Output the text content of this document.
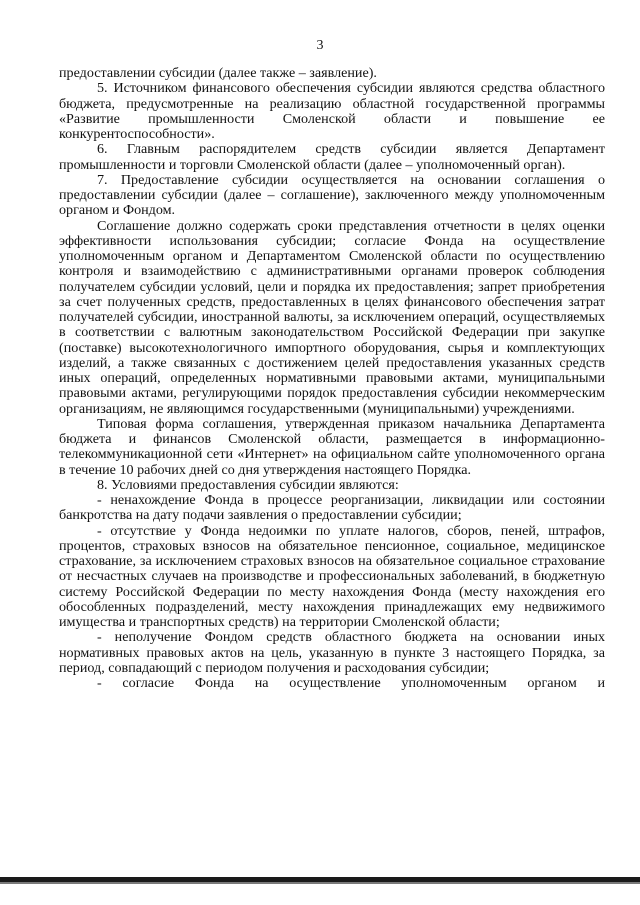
3

предоставлении субсидии (далее также – заявление).

5. Источником финансового обеспечения субсидии являются средства областного бюджета, предусмотренные на реализацию областной государственной программы «Развитие промышленности Смоленской области и повышение ее конкурентоспособности».

6. Главным распорядителем средств субсидии является Департамент промышленности и торговли Смоленской области (далее – уполномоченный орган).

7. Предоставление субсидии осуществляется на основании соглашения о предоставлении субсидии (далее – соглашение), заключенного между уполномоченным органом и Фондом.

Соглашение должно содержать сроки представления отчетности в целях оценки эффективности использования субсидии; согласие Фонда на осуществление уполномоченным органом и Департаментом Смоленской области по осуществлению контроля и взаимодействию с административными органами проверок соблюдения получателем субсидии условий, цели и порядка их предоставления; запрет приобретения за счет полученных средств, предоставленных в целях финансового обеспечения затрат получателей субсидии, иностранной валюты, за исключением операций, осуществляемых в соответствии с валютным законодательством Российской Федерации при закупке (поставке) высокотехнологичного импортного оборудования, сырья и комплектующих изделий, а также связанных с достижением целей предоставления указанных средств иных операций, определенных нормативными правовыми актами, муниципальными правовыми актами, регулирующими порядок предоставления субсидии некоммерческим организациям, не являющимся государственными (муниципальными) учреждениями.

Типовая форма соглашения, утвержденная приказом начальника Департамента бюджета и финансов Смоленской области, размещается в информационно-телекоммуникационной сети «Интернет» на официальном сайте уполномоченного органа в течение 10 рабочих дней со дня утверждения настоящего Порядка.

8. Условиями предоставления субсидии являются:

- ненахождение Фонда в процессе реорганизации, ликвидации или состоянии банкротства на дату подачи заявления о предоставлении субсидии;

- отсутствие у Фонда недоимки по уплате налогов, сборов, пеней, штрафов, процентов, страховых взносов на обязательное пенсионное, социальное, медицинское страхование, за исключением страховых взносов на обязательное социальное страхование от несчастных случаев на производстве и профессиональных заболеваний, в бюджетную систему Российской Федерации по месту нахождения Фонда (месту нахождения его обособленных подразделений, месту нахождения принадлежащих ему недвижимого имущества и транспортных средств) на территории Смоленской области;

- неполучение Фондом средств областного бюджета на основании иных нормативных правовых актов на цель, указанную в пункте 3 настоящего Порядка, за период, совпадающий с периодом получения и расходования субсидии;

- согласие Фонда на осуществление уполномоченным органом и
